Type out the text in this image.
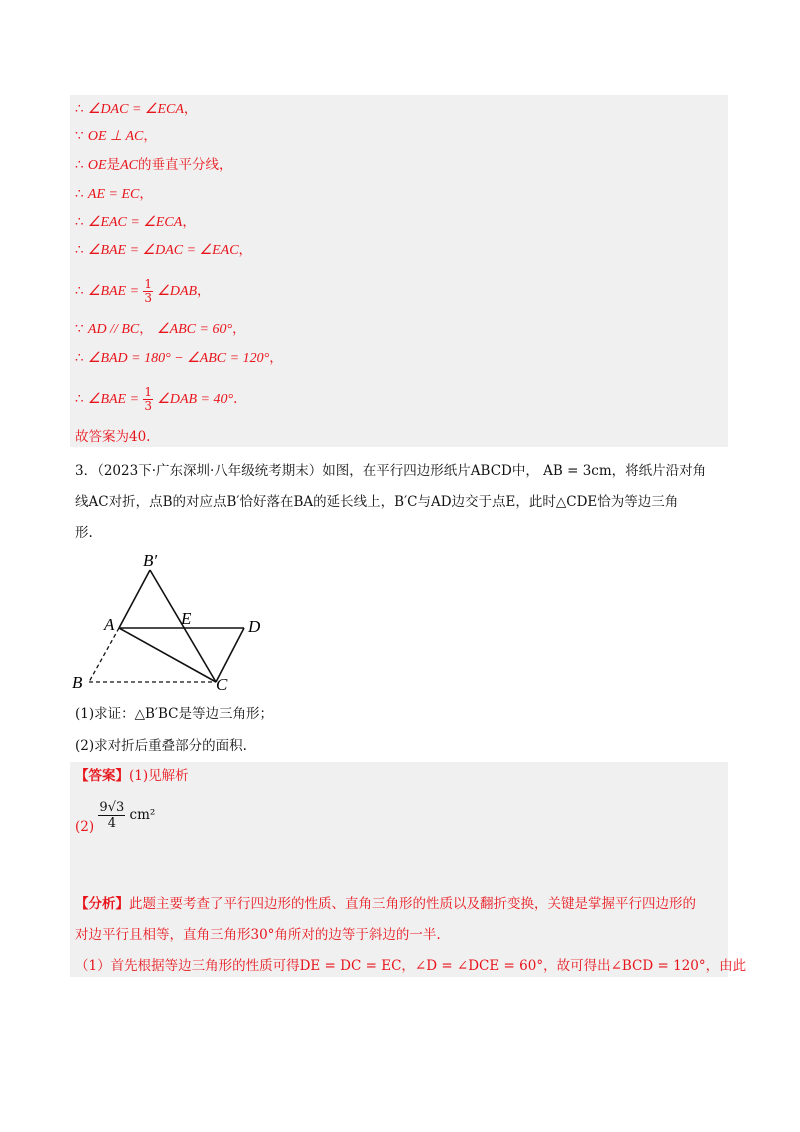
∴ ∠DAC = ∠ECA，
∵ OE ⊥ AC，
∴ OE是AC的垂直平分线，
∴ AE = EC，
∴ ∠EAC = ∠ECA，
∴ ∠BAE = ∠DAC = ∠EAC，
∴ ∠BAE = $\frac{1}{3}$ ∠DAB，
∵ AD // BC， ∠ABC = 60°，
∴ ∠BAD = 180° − ∠ABC = 120°，
∴ ∠BAE = $\frac{1}{3}$ ∠DAB = 40°.
故答案为40.
3．（2023下·广东深圳·八年级统考期末）如图，在平行四边形纸片ABCD中， AB = 3cm，将纸片沿对角
线AC对折，点B的对应点B′恰好落在BA的延长线上，B′C与AD边交于点E，此时△CDE恰为等边三角
形.
B′
A	E	D
B	C
(1)求证：△B′BC是等边三角形；
(2)求对折后重叠部分的面积.
【答案】(1)见解析
$(2) \frac{9√3}{4} cm^2$
【分析】此题主要考查了平行四边形的性质、直角三角形的性质以及翻折变换，关键是掌握平行四边形的
对边平行且相等，直角三角形30°角所对的边等于斜边的一半.
（1）首先根据等边三角形的性质可得DE = DC = EC，∠D = ∠DCE = 60°，故可得出∠BCD = 120°，由此
